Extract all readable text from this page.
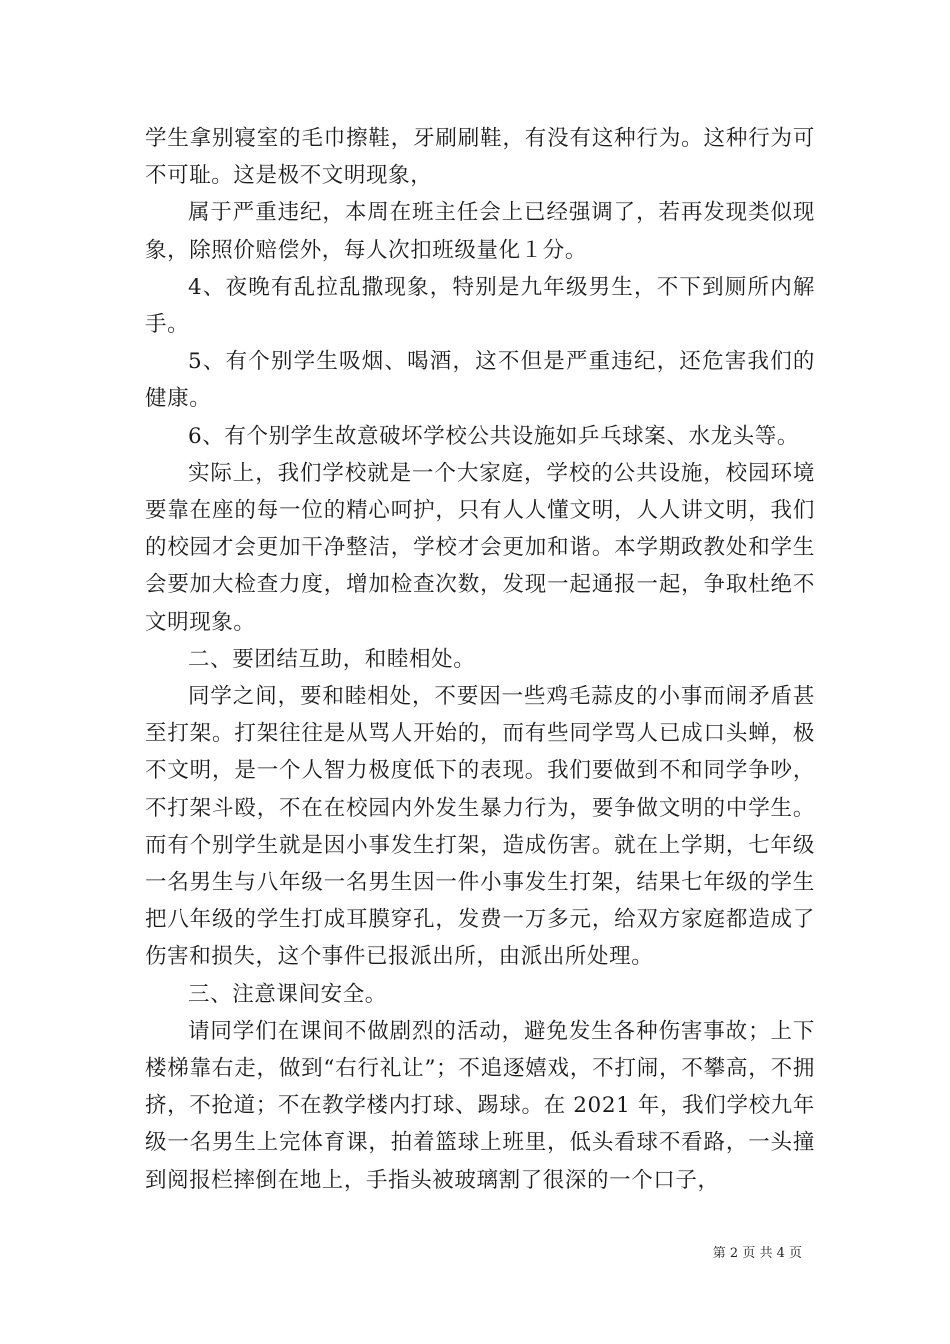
学生拿别寝室的毛巾擦鞋，牙刷刷鞋，有没有这种行为。这种行为可不可耻。这是极不文明现象，

属于严重违纪，本周在班主任会上已经强调了，若再发现类似现象，除照价赔偿外，每人次扣班级量化１分。

4、夜晚有乱拉乱撒现象，特别是九年级男生，不下到厕所内解手。

5、有个别学生吸烟、喝酒，这不但是严重违纪，还危害我们的健康。

6、有个别学生故意破坏学校公共设施如乒乓球案、水龙头等。

实际上，我们学校就是一个大家庭，学校的公共设施，校园环境要靠在座的每一位的精心呵护，只有人人懂文明，人人讲文明，我们的校园才会更加干净整洁，学校才会更加和谐。本学期政教处和学生会要加大检查力度，增加检查次数，发现一起通报一起，争取杜绝不文明现象。

二、要团结互助，和睦相处。

同学之间，要和睦相处，不要因一些鸡毛蒜皮的小事而闹矛盾甚至打架。打架往往是从骂人开始的，而有些同学骂人已成口头蝉，极不文明，是一个人智力极度低下的表现。我们要做到不和同学争吵，不打架斗殴，不在在校园内外发生暴力行为，要争做文明的中学生。而有个别学生就是因小事发生打架，造成伤害。就在上学期，七年级一名男生与八年级一名男生因一件小事发生打架，结果七年级的学生把八年级的学生打成耳膜穿孔，发费一万多元，给双方家庭都造成了伤害和损失，这个事件已报派出所，由派出所处理。

三、注意课间安全。

请同学们在课间不做剧烈的活动，避免发生各种伤害事故；上下楼梯靠右走，做到“右行礼让”；不追逐嬉戏，不打闹，不攀高，不拥挤，不抢道；不在教学楼内打球、踢球。在 2021 年，我们学校九年级一名男生上完体育课，拍着篮球上班里，低头看球不看路，一头撞到阅报栏摔倒在地上，手指头被玻璃割了很深的一个口子，

第 2 页 共 4 页
